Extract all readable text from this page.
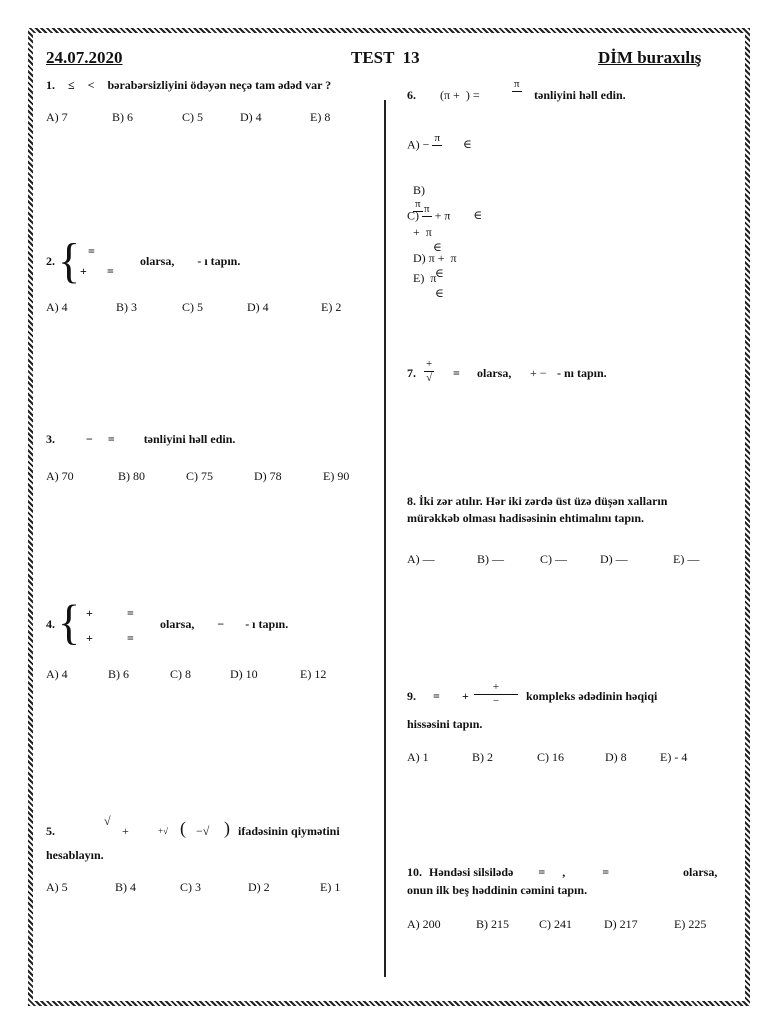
24.07.2020	TEST  13	DİM buraxılış
1. ≤ < bərabərsizliyini ödəyən neçə tam ədəd var ?
A) 7	B) 6	C) 5	D) 4	E) 8
2. { =
+ =
olarsa, - ı tapın.
A) 4	B) 3	C) 5	D) 4	E) 2
3.	− = tənliyini həll edin.
A) 70	B) 80	C) 75	D) 78	E) 90
4. { +	=
+	=
olarsa, − - ı tapın.
A) 4	B) 6	C) 8	D) 10	E) 12
5.
√
+	+√ ( −√ ) ifadəsinin qiymətini
hesablayın.
A) 5	B) 4	C) 3	D) 2	E) 1
6. (π +  ) =
π
tənliyini həll edin.
A) − π ∈

B)

π

+  π
∈

C) π + π ∈

D) π +  π
∈

E)  π
∈

7. $\frac{+}{√}$ = olarsa, + − - nı tapın.
8. İki zər atılır. Hər iki zərdə üst üzə düşən xalların
mürəkkəb olması hadisəsinin ehtimalını tapın.
A) —	B) —	C) —	D) —	E) —
9. = + $\frac{+}{-}$ kompleks ədədinin həqiqi
hissəsini tapın.
A) 1	B) 2	C) 16	D) 8	E) - 4
10. Həndəsi silsilədə = ,	=	olarsa,
onun ilk beş həddinin cəmini tapın.
A) 200	B) 215	C) 241	D) 217	E) 225
